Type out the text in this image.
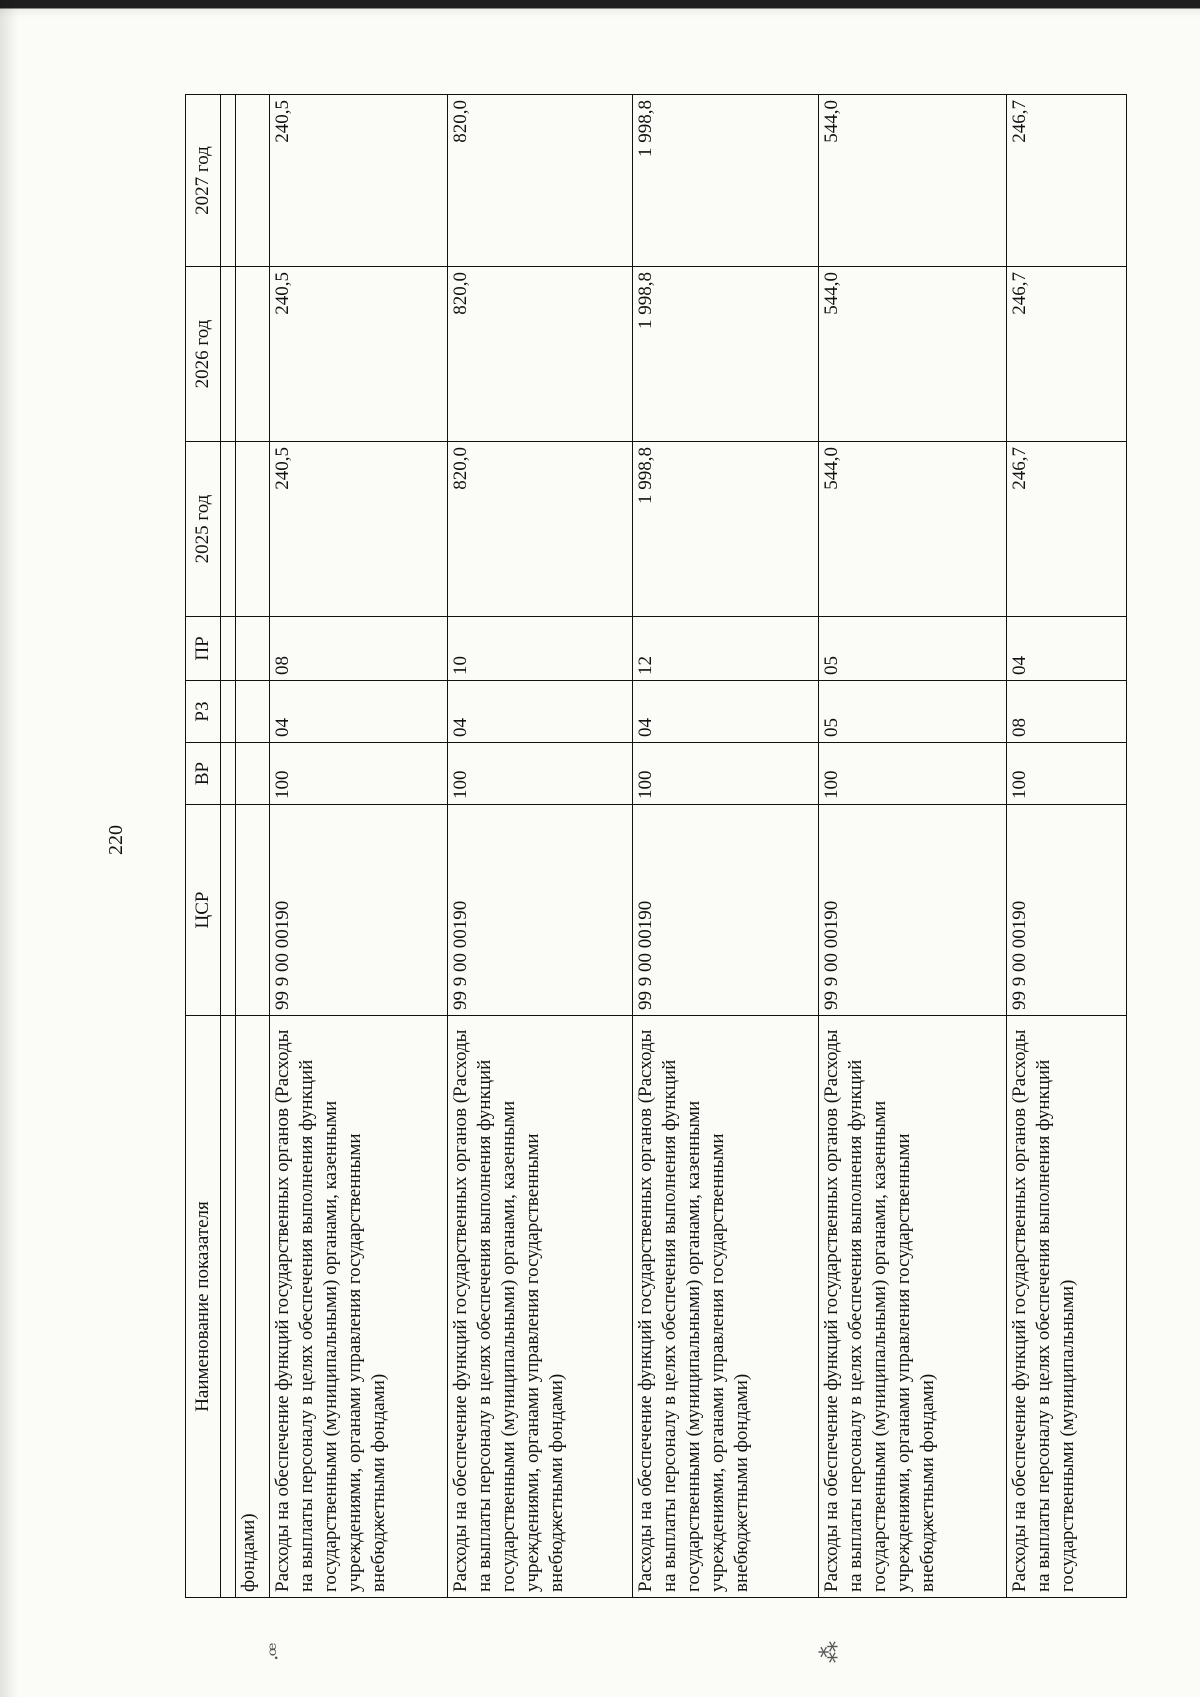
220
·ꟹ	⁂
Наименование показателя	ЦСР	ВР	РЗ	ПР	2025 год	2026 год	2027 год

фондами)							
Расходы на обеспечение функций государственных органов (Расходы на выплаты персоналу в целях обеспечения выполнения функций государственными (муниципальными) органами, казенными учреждениями, органами управления государственными внебюджетными фондами)	99 9 00 00190	100	04	08	240,5	240,5	240,5
Расходы на обеспечение функций государственных органов (Расходы на выплаты персоналу в целях обеспечения выполнения функций государственными (муниципальными) органами, казенными учреждениями, органами управления государственными внебюджетными фондами)	99 9 00 00190	100	04	10	820,0	820,0	820,0
Расходы на обеспечение функций государственных органов (Расходы на выплаты персоналу в целях обеспечения выполнения функций государственными (муниципальными) органами, казенными учреждениями, органами управления государственными внебюджетными фондами)	99 9 00 00190	100	04	12	1 998,8	1 998,8	1 998,8
Расходы на обеспечение функций государственных органов (Расходы на выплаты персоналу в целях обеспечения выполнения функций государственными (муниципальными) органами, казенными учреждениями, органами управления государственными внебюджетными фондами)	99 9 00 00190	100	05	05	544,0	544,0	544,0
Расходы на обеспечение функций государственных органов (Расходы на выплаты персоналу в целях обеспечения выполнения функций государственными (муниципальными)	99 9 00 00190	100	08	04	246,7	246,7	246,7
